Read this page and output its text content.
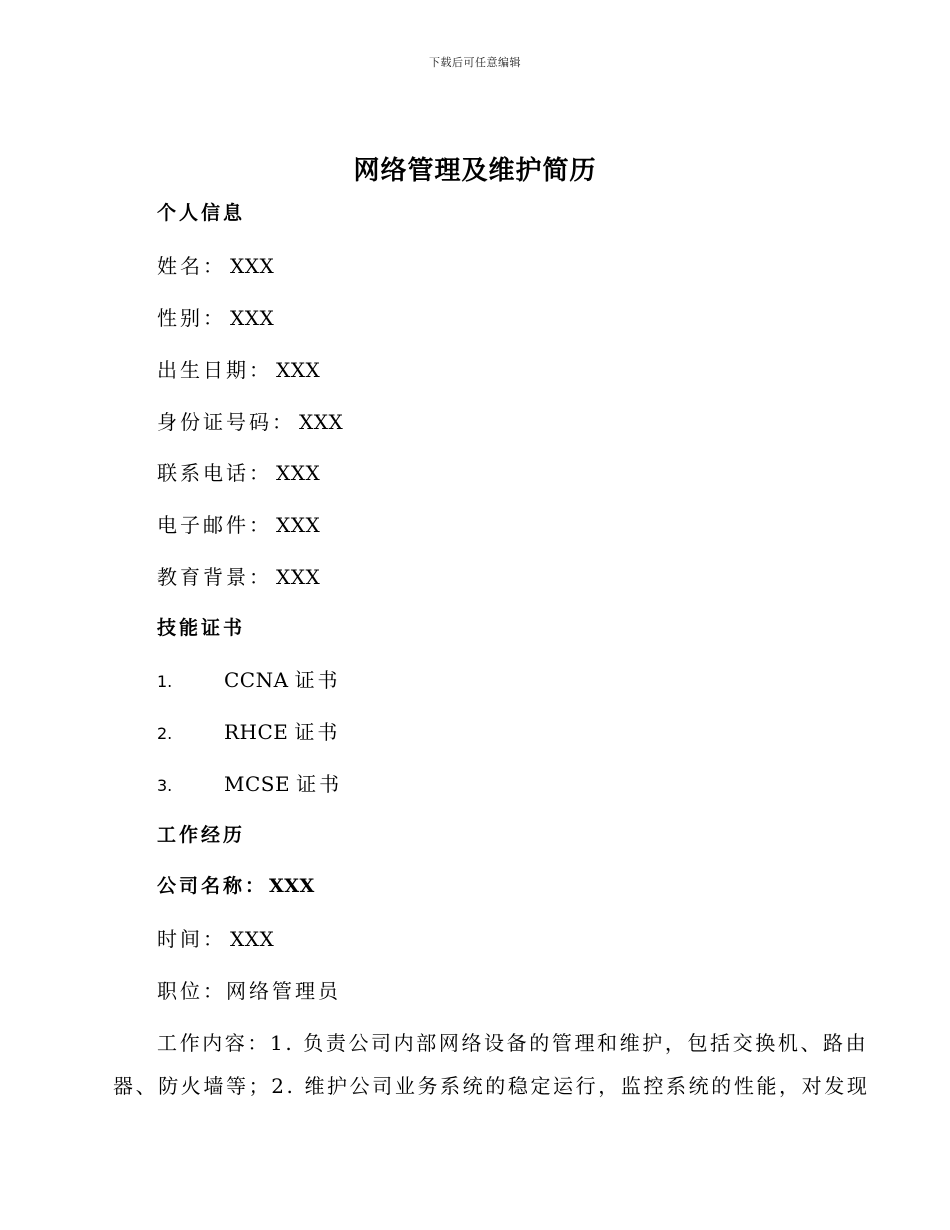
下载后可任意编辑
网络管理及维护简历
个人信息
姓名： XXX
性别： XXX
出生日期： XXX
身份证号码： XXX
联系电话： XXX
电子邮件： XXX
教育背景： XXX
技能证书
1.	CCNA 证书
2.	RHCE 证书
3.	MCSE 证书
工作经历
公司名称： XXX
时间： XXX
职位：网络管理员
工作内容：1. 负责公司内部网络设备的管理和维护，包括交换机、路由
器、防火墙等；2. 维护公司业务系统的稳定运行，监控系统的性能，对发现
